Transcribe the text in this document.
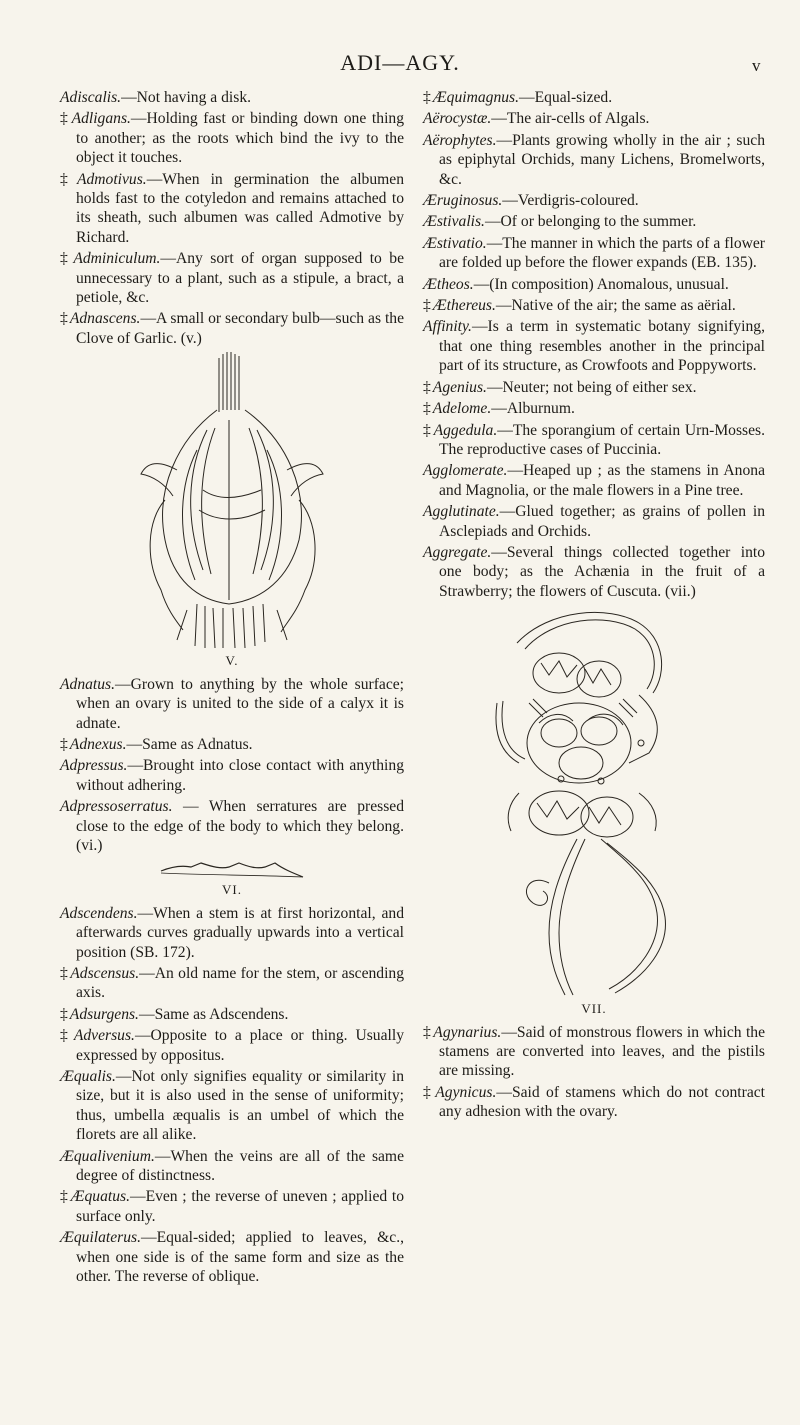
ADI—AGY.	v

Adiscalis.—Not having a disk.

‡ Adligans.—Holding fast or binding down one thing to another; as the roots which bind the ivy to the object it touches.

‡ Admotivus.—When in germination the albumen holds fast to the cotyledon and remains attached to its sheath, such albumen was called Admotive by Richard.

‡ Adminiculum.—Any sort of organ supposed to be unnecessary to a plant, such as a stipule, a bract, a petiole, &c.

‡ Adnascens.—A small or secondary bulb—such as the Clove of Garlic. (v.)

V.

Adnatus.—Grown to anything by the whole surface; when an ovary is united to the side of a calyx it is adnate.

‡ Adnexus.—Same as Adnatus.

Adpressus.—Brought into close contact with anything without adhering.

Adpressoserratus. — When serratures are pressed close to the edge of the body to which they belong. (vi.)

VI.

Adscendens.—When a stem is at first horizontal, and afterwards curves gradually upwards into a vertical position (SB. 172).

‡ Adscensus.—An old name for the stem, or ascending axis.

‡ Adsurgens.—Same as Adscendens.

‡ Adversus.—Opposite to a place or thing. Usually expressed by oppositus.

Æqualis.—Not only signifies equality or similarity in size, but it is also used in the sense of uniformity; thus, umbella æqualis is an umbel of which the florets are all alike.

Æqualivenium.—When the veins are all of the same degree of distinctness.

‡ Æquatus.—Even ; the reverse of uneven ; applied to surface only.

Æquilaterus.—Equal-sided; applied to leaves, &c., when one side is of the same form and size as the other. The reverse of oblique.

‡ Æquimagnus.—Equal-sized.

Aërocystæ.—The air-cells of Algals.

Aërophytes.—Plants growing wholly in the air ; such as epiphytal Orchids, many Lichens, Bromelworts, &c.

Æruginosus.—Verdigris-coloured.

Æstivalis.—Of or belonging to the summer.

Æstivatio.—The manner in which the parts of a flower are folded up before the flower expands (EB. 135).

Ætheos.—(In composition) Anomalous, unusual.

‡ Æthereus.—Native of the air; the same as aërial.

Affinity.—Is a term in systematic botany signifying, that one thing resembles another in the principal part of its structure, as Crowfoots and Poppyworts.

‡ Agenius.—Neuter; not being of either sex.

‡ Adelome.—Alburnum.

‡ Aggedula.—The sporangium of certain Urn-Mosses. The reproductive cases of Puccinia.

Agglomerate.—Heaped up ; as the stamens in Anona and Magnolia, or the male flowers in a Pine tree.

Agglutinate.—Glued together; as grains of pollen in Asclepiads and Orchids.

Aggregate.—Several things collected together into one body; as the Achænia in the fruit of a Strawberry; the flowers of Cuscuta. (vii.)

VII.

‡ Agynarius.—Said of monstrous flowers in which the stamens are converted into leaves, and the pistils are missing.

‡ Agynicus.—Said of stamens which do not contract any adhesion with the ovary.
